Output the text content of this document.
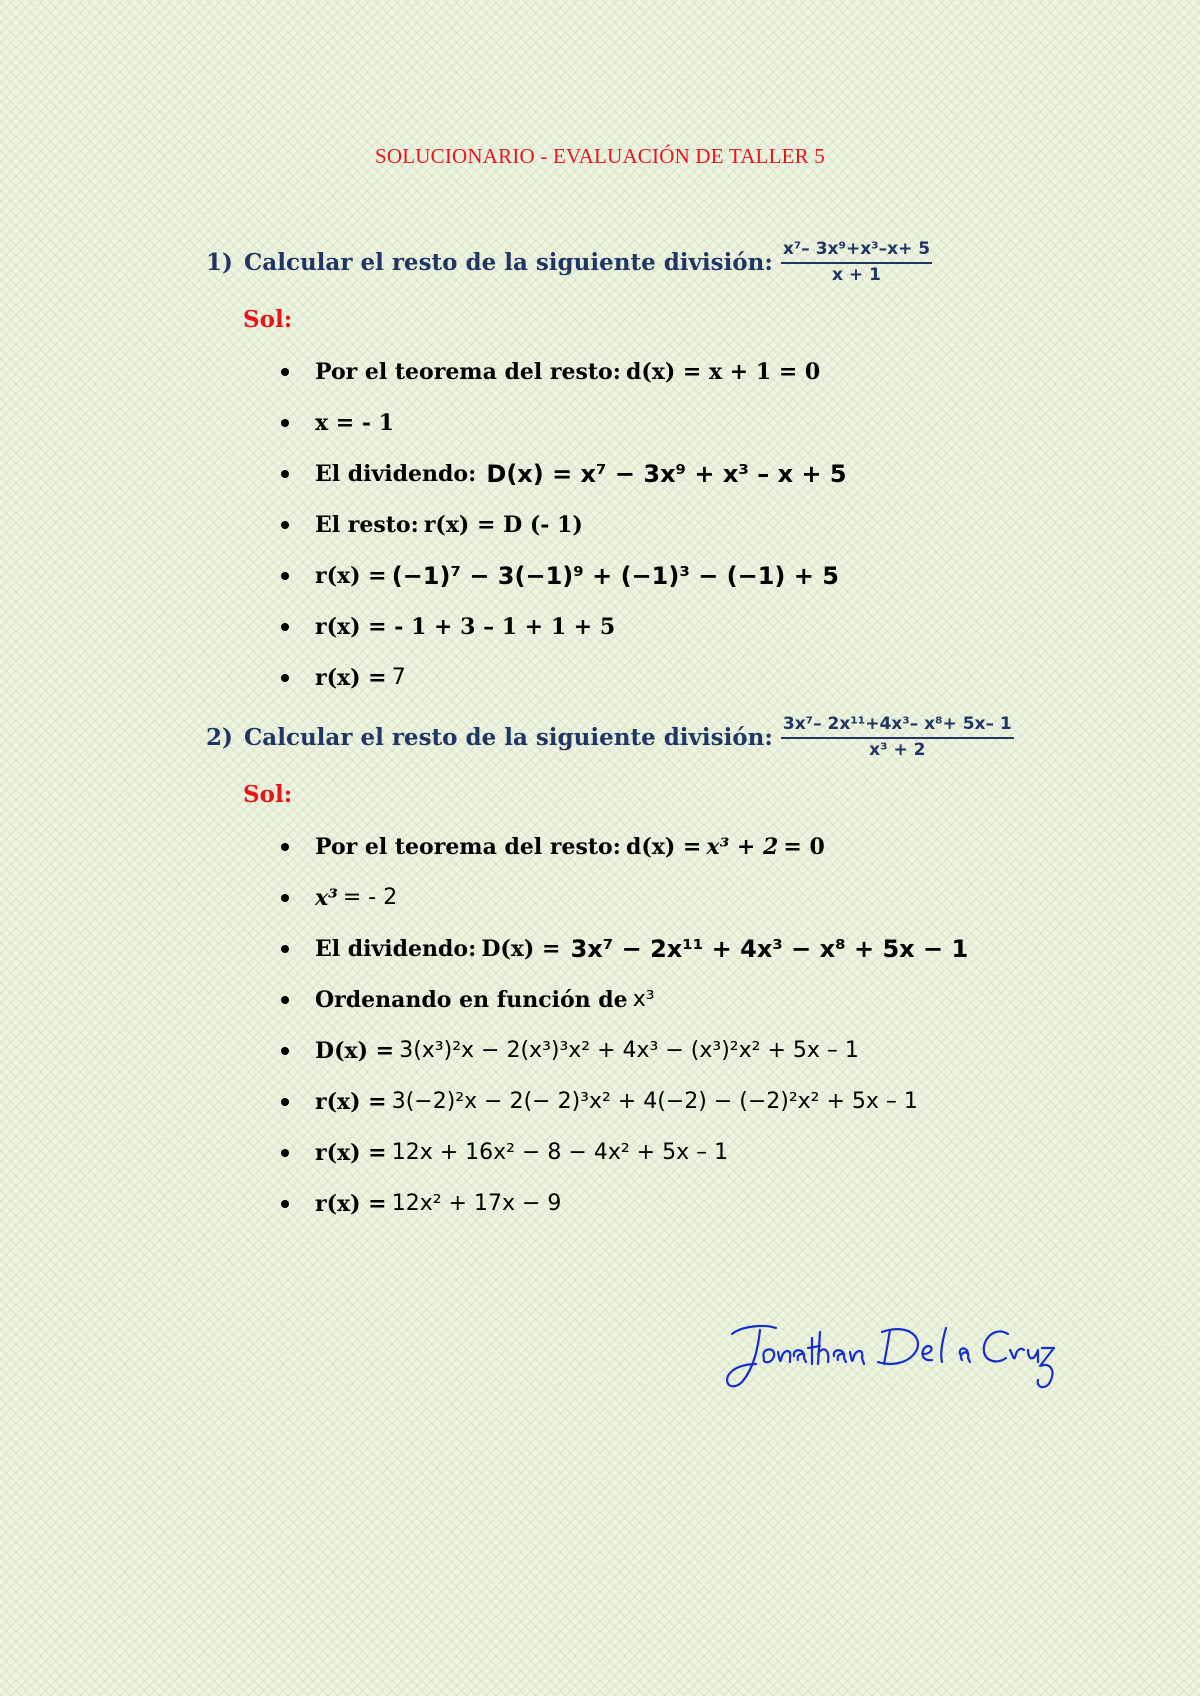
SOLUCIONARIO - EVALUACIÓN DE TALLER 5
1) Calcular el resto de la siguiente división: $\frac{\text{x⁷– 3x⁹+x³–x+ 5}}{x + 1}$
Sol:
Por el teorema del resto:
d(x) = x + 1 = 0
x = - 1
El dividendo:
D(x) = x⁷ − 3x⁹ + x³ – x + 5
El resto:
r(x) = D (- 1)
r(x) =
(−1)⁷ − 3(−1)⁹ + (−1)³ − (−1) + 5
r(x) = - 1 + 3 – 1 + 1 + 5
r(x) =
7
2) Calcular el resto de la siguiente división: $\frac{\text{3x⁷– 2x¹¹+4x³– x⁸+ 5x– 1}}{\text{x³ + 2}}$
Sol:
Por el teorema del resto:
d(x) =
x³ + 2
= 0
x³
= - 2
El dividendo:
D(x) =
3x⁷ − 2x¹¹ + 4x³ − x⁸ + 5x − 1
Ordenando en función de
x³
D(x) =
3(x³)²x − 2(x³)³x² + 4x³ − (x³)²x² + 5x – 1
r(x) =
3(−2)²x − 2(− 2)³x² + 4(−2) − (−2)²x² + 5x – 1
r(x) =
12x + 16x² − 8 − 4x² + 5x – 1
r(x) =
12x² + 17x − 9
